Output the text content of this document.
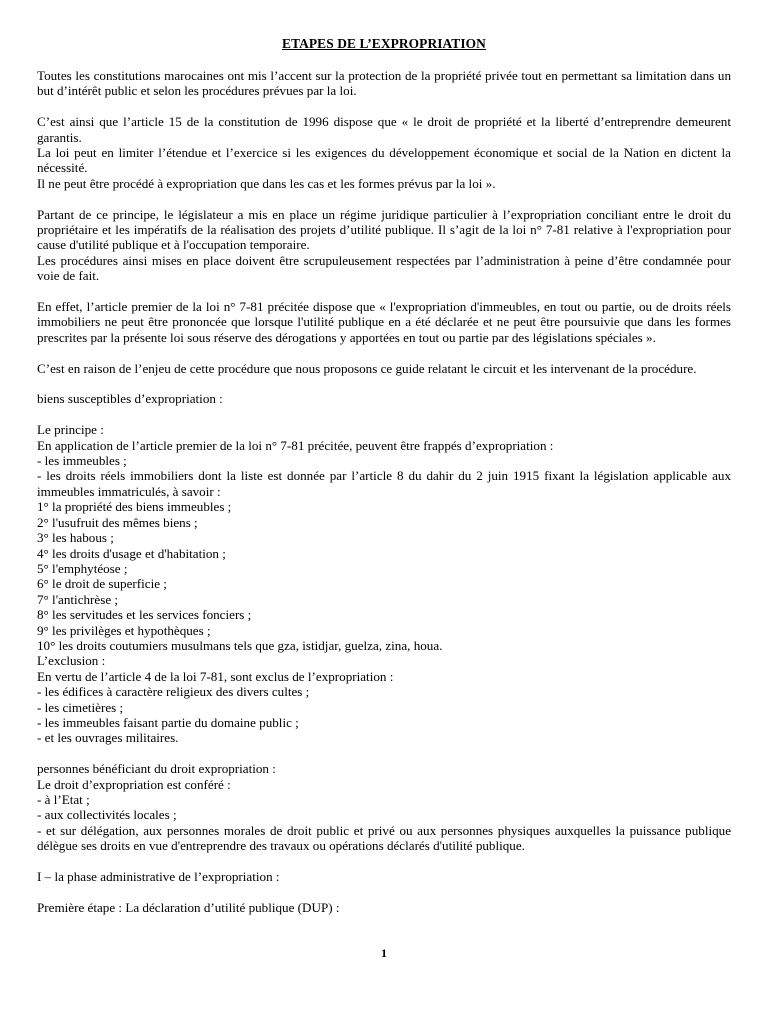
ETAPES DE L’EXPROPRIATION

Toutes les constitutions marocaines ont mis l’accent sur la protection de la propriété privée tout en permettant sa limitation dans un but d’intérêt public et selon les procédures prévues par la loi.

C’est ainsi que l’article 15 de la constitution de 1996 dispose que « le droit de propriété et la liberté d’entreprendre demeurent garantis.

La loi peut en limiter l’étendue et l’exercice si les exigences du développement économique et social de la Nation en dictent la nécessité.

Il ne peut être procédé à expropriation que dans les cas et les formes prévus par la loi ».

Partant de ce principe, le législateur a mis en place un régime juridique particulier à l’expropriation conciliant entre le droit du propriétaire et les impératifs de la réalisation des projets d’utilité publique. Il s’agit de la loi n° 7-81 relative à l'expropriation pour cause d'utilité publique et à l'occupation temporaire.

Les procédures ainsi mises en place doivent être scrupuleusement respectées par l’administration à peine d’être condamnée pour voie de fait.

En effet, l’article premier de la loi n° 7-81 précitée dispose que « l'expropriation d'immeubles, en tout ou partie, ou de droits réels immobiliers ne peut être prononcée que lorsque l'utilité publique en a été déclarée et ne peut être poursuivie que dans les formes prescrites par la présente loi sous réserve des dérogations y apportées en tout ou partie par des législations spéciales ».

C’est en raison de l’enjeu de cette procédure que nous proposons ce guide relatant le circuit et les intervenant de la procédure.

biens susceptibles d’expropriation :

Le principe :

En application de l’article premier de la loi n° 7-81 précitée, peuvent être frappés d’expropriation :

- les immeubles ;

- les droits réels immobiliers dont la liste est donnée par l’article 8 du dahir du 2 juin 1915 fixant la législation applicable aux immeubles immatriculés, à savoir :

1° la propriété des biens immeubles ;

2° l'usufruit des mêmes biens ;

3° les habous ;

4° les droits d'usage et d'habitation ;

5° l'emphytéose ;

6° le droit de superficie ;

7° l'antichrèse ;

8° les servitudes et les services fonciers ;

9° les privilèges et hypothèques ;

10° les droits coutumiers musulmans tels que gza, istidjar, guelza, zina, houa.

L’exclusion :

En vertu de l’article 4 de la loi 7-81, sont exclus de l’expropriation :

- les édifices à caractère religieux des divers cultes ;

- les cimetières ;

- les immeubles faisant partie du domaine public ;

- et les ouvrages militaires.

personnes bénéficiant du droit expropriation :

Le droit d’expropriation est conféré :

- à l’Etat ;

- aux collectivités locales ;

- et sur délégation, aux personnes morales de droit public et privé ou aux personnes physiques auxquelles la puissance publique délègue ses droits en vue d'entreprendre des travaux ou opérations déclarés d'utilité publique.

I – la phase administrative de l’expropriation :

Première étape : La déclaration d’utilité publique (DUP) :

1
